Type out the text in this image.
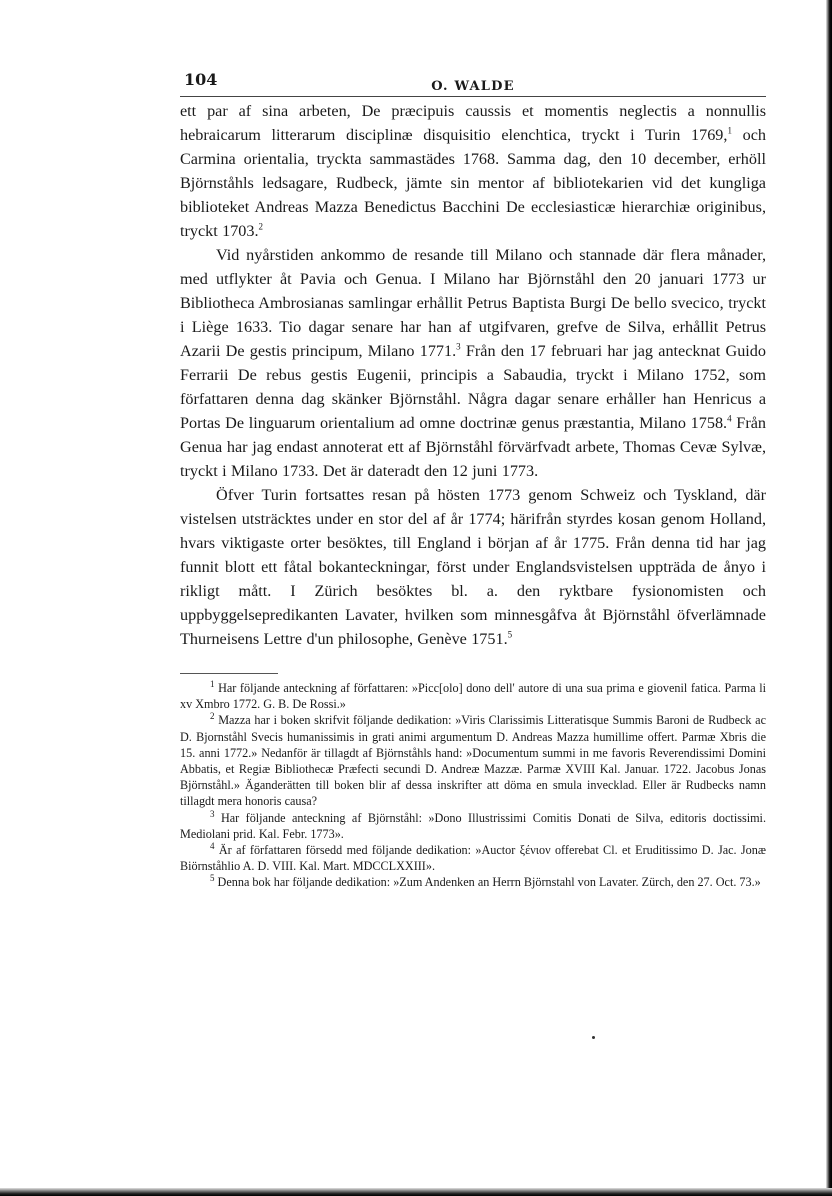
104	O. WALDE

ett par af sina arbeten, De præcipuis caussis et momentis neglectis a nonnullis hebraicarum litterarum disciplinæ disquisitio elenchtica, tryckt i Turin 1769,$^1$ och Carmina orientalia, tryckta sammastädes 1768. Samma dag, den 10 december, erhöll Björnståhls ledsagare, Rudbeck, jämte sin mentor af bibliotekarien vid det kungliga biblioteket Andreas Mazza Benedictus Bacchini De ecclesiasticæ hierarchiæ originibus, tryckt 1703.$^2$

Vid nyårstiden ankommo de resande till Milano och stannade där flera månader, med utflykter åt Pavia och Genua. I Milano har Björnståhl den 20 januari 1773 ur Bibliotheca Ambrosianas samlingar erhållit Petrus Baptista Burgi De bello svecico, tryckt i Liège 1633. Tio dagar senare har han af utgifvaren, grefve de Silva, erhållit Petrus Azarii De gestis principum, Milano 1771.$^3$ Från den 17 februari har jag antecknat Guido Ferrarii De rebus gestis Eugenii, principis a Sabaudia, tryckt i Milano 1752, som författaren denna dag skänker Björnståhl. Några dagar senare erhåller han Henricus a Portas De linguarum orientalium ad omne doctrinæ genus præstantia, Milano 1758.$^4$ Från Genua har jag endast annoterat ett af Björnståhl förvärfvadt arbete, Thomas Cevæ Sylvæ, tryckt i Milano 1733. Det är dateradt den 12 juni 1773.

Öfver Turin fortsattes resan på hösten 1773 genom Schweiz och Tyskland, där vistelsen utsträcktes under en stor del af år 1774; härifrån styrdes kosan genom Holland, hvars viktigaste orter besöktes, till England i början af år 1775. Från denna tid har jag funnit blott ett fåtal bokanteckningar, först under Englandsvistelsen uppträda de ånyo i rikligt mått. I Zürich besöktes bl. a. den ryktbare fysionomisten och uppbyggelsepredikanten Lavater, hvilken som minnesgåfva åt Björnståhl öfverlämnade Thurneisens Lettre d'un philosophe, Genève 1751.$^5$

$^1$ Har följande anteckning af författaren: »Picc[olo] dono dell' autore di una sua prima e giovenil fatica. Parma li xv Xmbro 1772. G. B. De Rossi.»

$^2$ Mazza har i boken skrifvit följande dedikation: »Viris Clarissimis Litteratisque Summis Baroni de Rudbeck ac D. Bjornståhl Svecis humanissimis in grati animi argumentum D. Andreas Mazza humillime offert. Parmæ Xbris die 15. anni 1772.» Nedanför är tillagdt af Björnståhls hand: »Documentum summi in me favoris Reverendissimi Domini Abbatis, et Regiæ Bibliothecæ Præfecti secundi D. Andreæ Mazzæ. Parmæ XVIII Kal. Januar. 1722. Jacobus Jonas Björnståhl.» Äganderätten till boken blir af dessa inskrifter att döma en smula invecklad. Eller är Rudbecks namn tillagdt mera honoris causa?

$^3$ Har följande anteckning af Björnståhl: »Dono Illustrissimi Comitis Donati de Silva, editoris doctissimi. Mediolani prid. Kal. Febr. 1773».

$^4$ Är af författaren försedd med följande dedikation: »Auctor ξένιον offerebat Cl. et Eruditissimo D. Jac. Jonæ Biörnståhlio A. D. VIII. Kal. Mart. MDCCLXXIII».

$^5$ Denna bok har följande dedikation: »Zum Andenken an Herrn Björnstahl von Lavater. Zürch, den 27. Oct. 73.»
